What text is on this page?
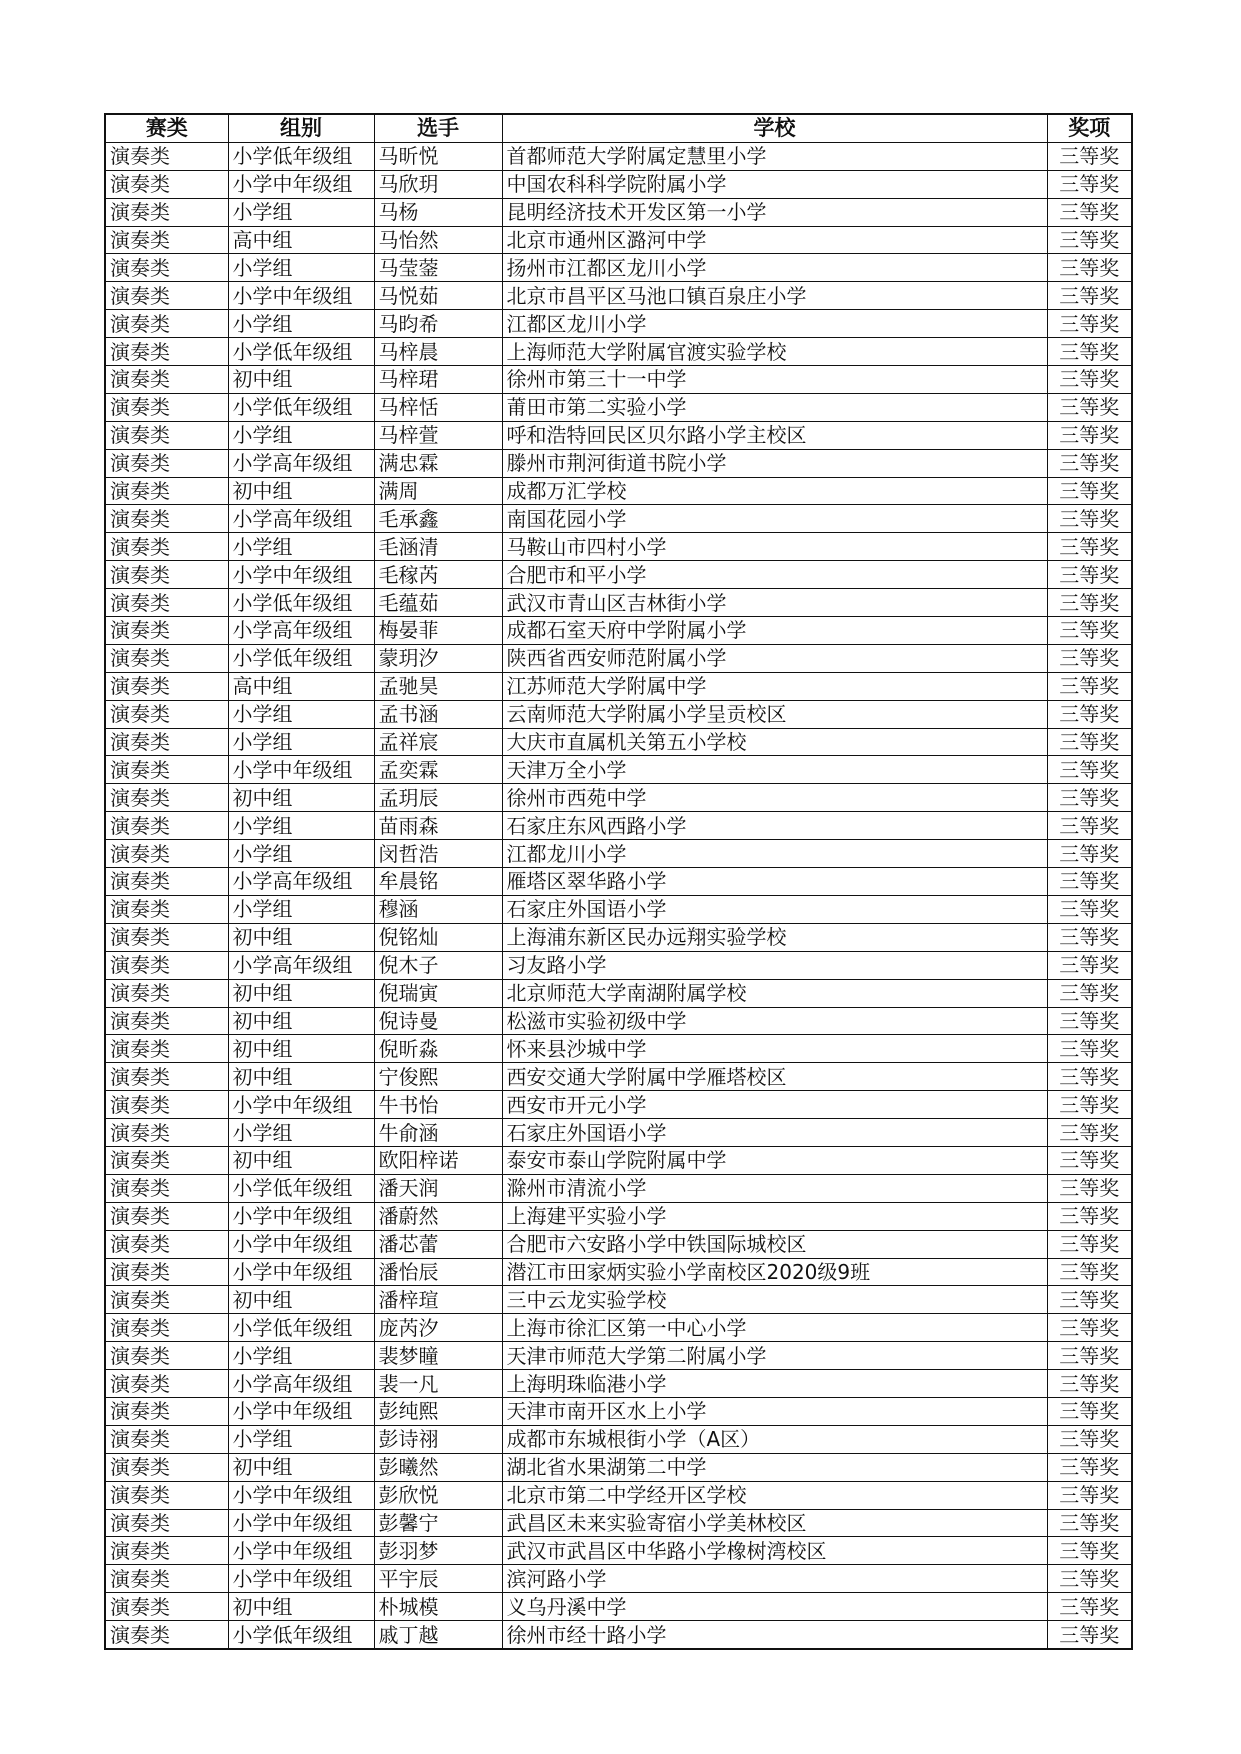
赛类	组别	选手	学校	奖项
演奏类	小学低年级组	马昕悦	首都师范大学附属定慧里小学	三等奖
演奏类	小学中年级组	马欣玥	中国农科科学院附属小学	三等奖
演奏类	小学组	马杨	昆明经济技术开发区第一小学	三等奖
演奏类	高中组	马怡然	北京市通州区潞河中学	三等奖
演奏类	小学组	马莹蓥	扬州市江都区龙川小学	三等奖
演奏类	小学中年级组	马悦茹	北京市昌平区马池口镇百泉庄小学	三等奖
演奏类	小学组	马昀希	江都区龙川小学	三等奖
演奏类	小学低年级组	马梓晨	上海师范大学附属官渡实验学校	三等奖
演奏类	初中组	马梓珺	徐州市第三十一中学	三等奖
演奏类	小学低年级组	马梓恬	莆田市第二实验小学	三等奖
演奏类	小学组	马梓萱	呼和浩特回民区贝尔路小学主校区	三等奖
演奏类	小学高年级组	满忠霖	滕州市荆河街道书院小学	三等奖
演奏类	初中组	满周	成都万汇学校	三等奖
演奏类	小学高年级组	毛承鑫	南国花园小学	三等奖
演奏类	小学组	毛涵清	马鞍山市四村小学	三等奖
演奏类	小学中年级组	毛稼芮	合肥市和平小学	三等奖
演奏类	小学低年级组	毛蕴茹	武汉市青山区吉林街小学	三等奖
演奏类	小学高年级组	梅晏菲	成都石室天府中学附属小学	三等奖
演奏类	小学低年级组	蒙玥汐	陕西省西安师范附属小学	三等奖
演奏类	高中组	孟驰昊	江苏师范大学附属中学	三等奖
演奏类	小学组	孟书涵	云南师范大学附属小学呈贡校区	三等奖
演奏类	小学组	孟祥宸	大庆市直属机关第五小学校	三等奖
演奏类	小学中年级组	孟奕霖	天津万全小学	三等奖
演奏类	初中组	孟玥辰	徐州市西苑中学	三等奖
演奏类	小学组	苗雨森	石家庄东风西路小学	三等奖
演奏类	小学组	闵哲浩	江都龙川小学	三等奖
演奏类	小学高年级组	牟晨铭	雁塔区翠华路小学	三等奖
演奏类	小学组	穆涵	石家庄外国语小学	三等奖
演奏类	初中组	倪铭灿	上海浦东新区民办远翔实验学校	三等奖
演奏类	小学高年级组	倪木子	习友路小学	三等奖
演奏类	初中组	倪瑞寅	北京师范大学南湖附属学校	三等奖
演奏类	初中组	倪诗曼	松滋市实验初级中学	三等奖
演奏类	初中组	倪昕淼	怀来县沙城中学	三等奖
演奏类	初中组	宁俊熙	西安交通大学附属中学雁塔校区	三等奖
演奏类	小学中年级组	牛书怡	西安市开元小学	三等奖
演奏类	小学组	牛俞涵	石家庄外国语小学	三等奖
演奏类	初中组	欧阳梓诺	泰安市泰山学院附属中学	三等奖
演奏类	小学低年级组	潘天润	滁州市清流小学	三等奖
演奏类	小学中年级组	潘蔚然	上海建平实验小学	三等奖
演奏类	小学中年级组	潘芯蕾	合肥市六安路小学中铁国际城校区	三等奖
演奏类	小学中年级组	潘怡辰	潜江市田家炳实验小学南校区2020级9班	三等奖
演奏类	初中组	潘梓瑄	三中云龙实验学校	三等奖
演奏类	小学低年级组	庞芮汐	上海市徐汇区第一中心小学	三等奖
演奏类	小学组	裴梦瞳	天津市师范大学第二附属小学	三等奖
演奏类	小学高年级组	裴一凡	上海明珠临港小学	三等奖
演奏类	小学中年级组	彭纯熙	天津市南开区水上小学	三等奖
演奏类	小学组	彭诗祤	成都市东城根街小学（A区）	三等奖
演奏类	初中组	彭曦然	湖北省水果湖第二中学	三等奖
演奏类	小学中年级组	彭欣悦	北京市第二中学经开区学校	三等奖
演奏类	小学中年级组	彭馨宁	武昌区未来实验寄宿小学美林校区	三等奖
演奏类	小学中年级组	彭羽梦	武汉市武昌区中华路小学橡树湾校区	三等奖
演奏类	小学中年级组	平宇辰	滨河路小学	三等奖
演奏类	初中组	朴城模	义乌丹溪中学	三等奖
演奏类	小学低年级组	戚丁越	徐州市经十路小学	三等奖
